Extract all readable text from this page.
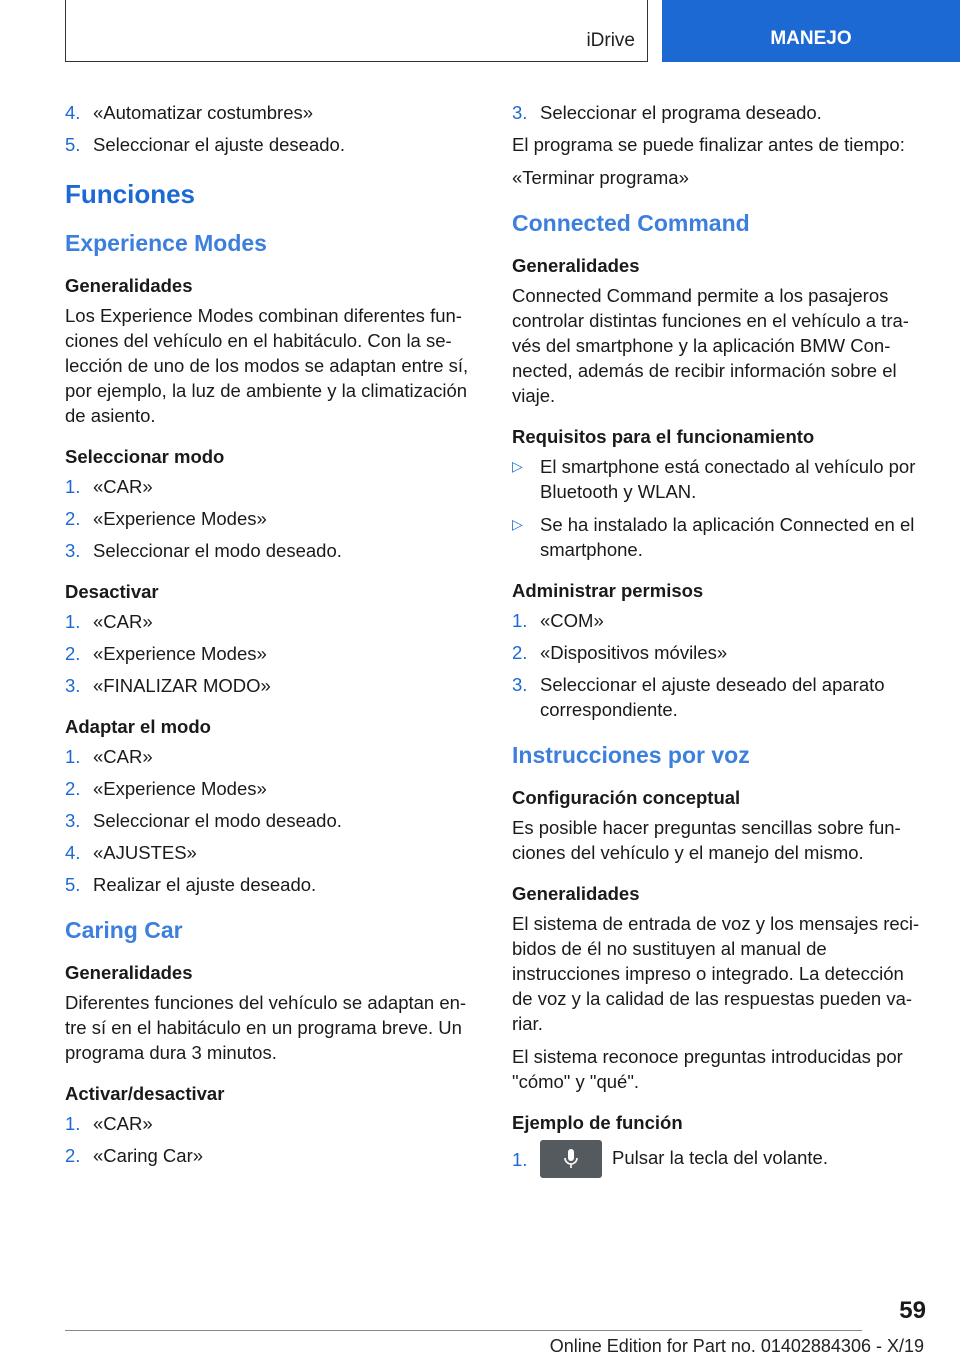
iDrive	MANEJO
4. «Automatizar costumbres»
5. Seleccionar el ajuste deseado.
Funciones
Experience Modes
Generalidades
Los Experience Modes combinan diferentes fun-ciones del vehículo en el habitáculo. Con la se-lección de uno de los modos se adaptan entre sí, por ejemplo, la luz de ambiente y la climatización de asiento.
Seleccionar modo
1. «CAR»
2. «Experience Modes»
3. Seleccionar el modo deseado.
Desactivar
1. «CAR»
2. «Experience Modes»
3. «FINALIZAR MODO»
Adaptar el modo
1. «CAR»
2. «Experience Modes»
3. Seleccionar el modo deseado.
4. «AJUSTES»
5. Realizar el ajuste deseado.
Caring Car
Generalidades
Diferentes funciones del vehículo se adaptan en-tre sí en el habitáculo en un programa breve. Un programa dura 3 minutos.
Activar/desactivar
1. «CAR»
2. «Caring Car»
3. Seleccionar el programa deseado.
El programa se puede finalizar antes de tiempo:
«Terminar programa»
Connected Command
Generalidades
Connected Command permite a los pasajeros controlar distintas funciones en el vehículo a tra-vés del smartphone y la aplicación BMW Con-nected, además de recibir información sobre el viaje.
Requisitos para el funcionamiento
▷ El smartphone está conectado al vehículo por Bluetooth y WLAN.
▷ Se ha instalado la aplicación Connected en el smartphone.
Administrar permisos
1. «COM»
2. «Dispositivos móviles»
3. Seleccionar el ajuste deseado del aparato correspondiente.
Instrucciones por voz
Configuración conceptual
Es posible hacer preguntas sencillas sobre fun-ciones del vehículo y el manejo del mismo.
Generalidades
El sistema de entrada de voz y los mensajes reci-bidos de él no sustituyen al manual de instrucciones impreso o integrado. La detección de voz y la calidad de las respuestas pueden va-riar.
El sistema reconoce preguntas introducidas por "cómo" y "qué".
Ejemplo de función
1.	Pulsar la tecla del volante.
59
Online Edition for Part no. 01402884306 - X/19
